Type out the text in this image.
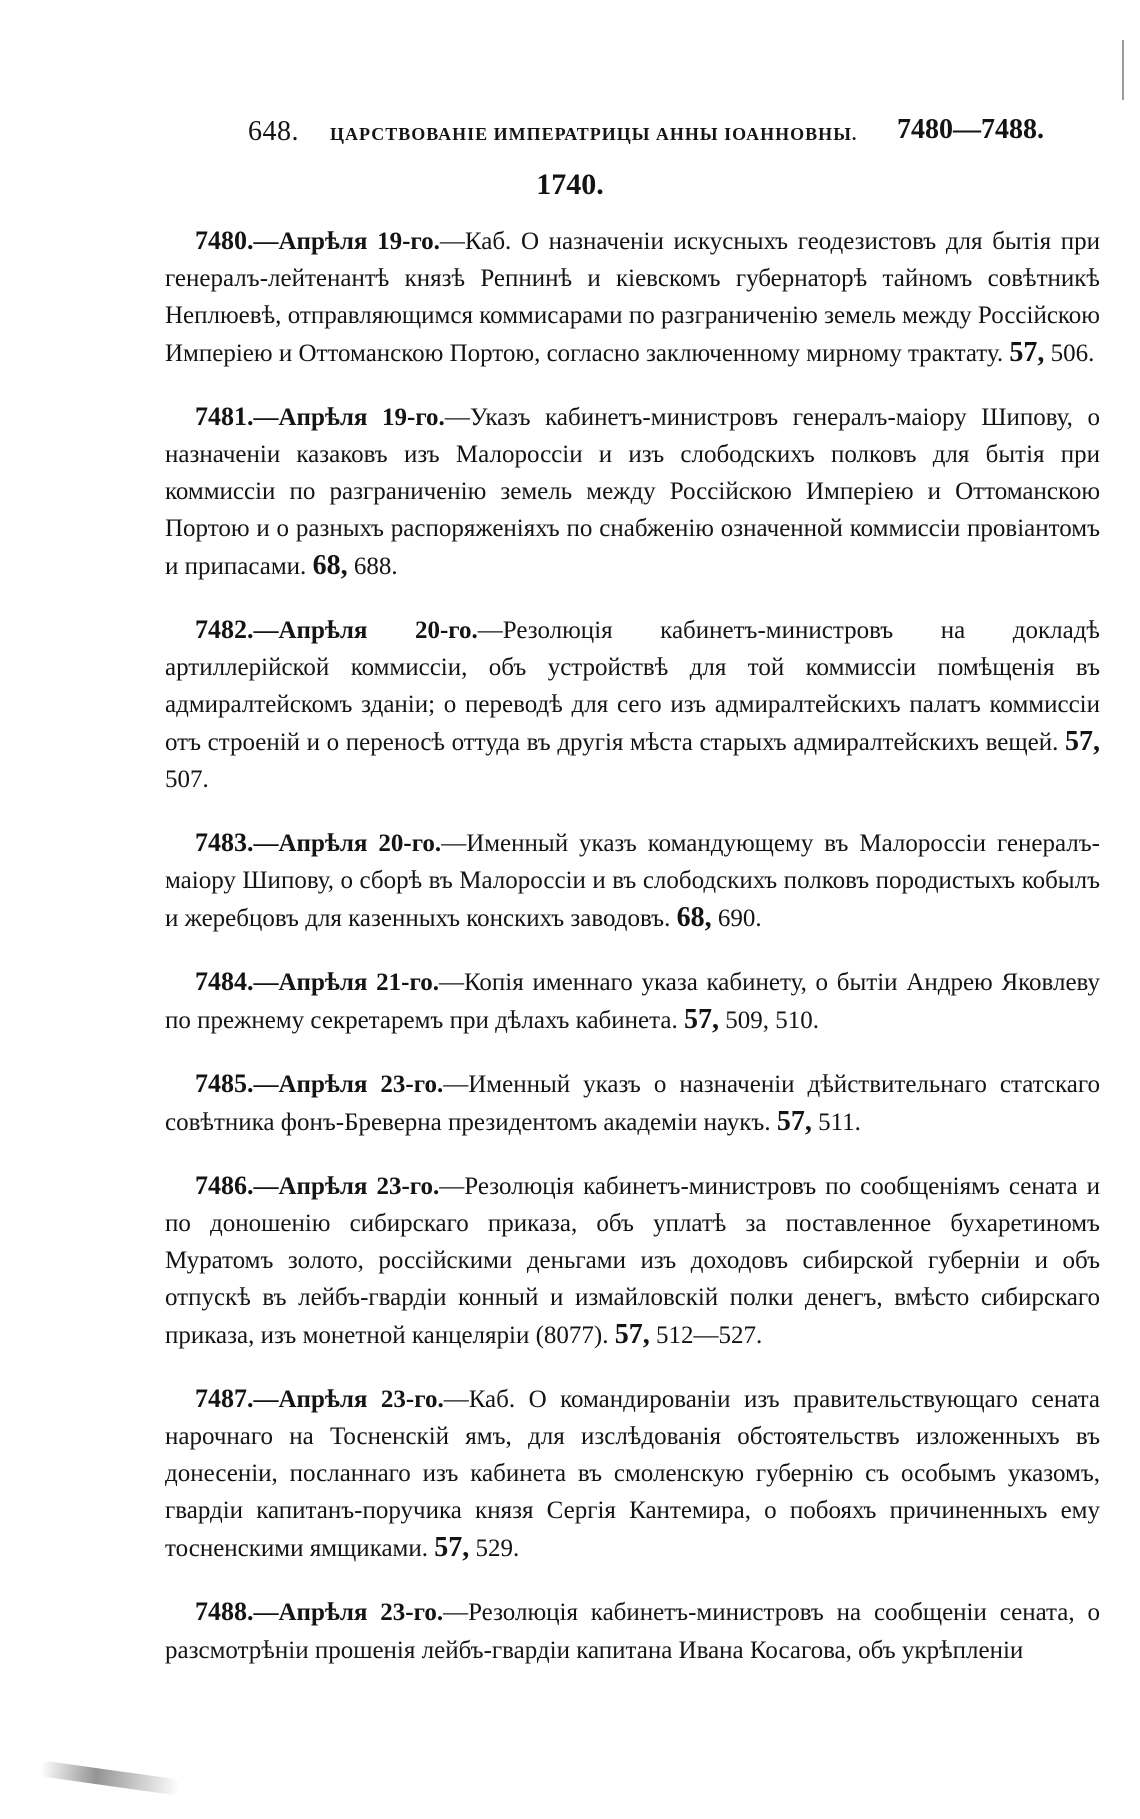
648. ЦАРСТВОВАНІЕ ИМПЕРАТРИЦЫ АННЫ ІОАННОВНЫ. 7480—7488.
1740.

7480.—Апрѣля 19-го.—Каб. О назначеніи искусныхъ геодезистовъ для бытія при генералъ-лейтенантѣ князѣ Репнинѣ и кіевскомъ губернаторѣ тайномъ совѣтникѣ Неплюевѣ, отправляющимся коммисарами по разграниченію земель между Россійскою Имперіею и Оттоманскою Портою, согласно заключенному мирному трактату. 57, 506.

7481.—Апрѣля 19-го.—Указъ кабинетъ-министровъ генералъ-маіору Шипову, о назначеніи казаковъ изъ Малороссіи и изъ слободскихъ полковъ для бытія при коммиссіи по разграниченію земель между Россійскою Имперіею и Оттоманскою Портою и о разныхъ распоряженіяхъ по снабженію означенной коммиссіи провіантомъ и припасами. 68, 688.

7482.—Апрѣля 20-го.—Резолюція кабинетъ-министровъ на докладѣ артиллерійской коммиссіи, объ устройствѣ для той коммиссіи помѣщенія въ адмиралтейскомъ зданіи; о переводѣ для сего изъ адмиралтейскихъ палатъ коммиссіи отъ строеній и о переносѣ оттуда въ другія мѣста старыхъ адмиралтейскихъ вещей. 57, 507.

7483.—Апрѣля 20-го.—Именный указъ командующему въ Малороссіи генералъ-маіору Шипову, о сборѣ въ Малороссіи и въ слободскихъ полковъ породистыхъ кобылъ и жеребцовъ для казенныхъ конскихъ заводовъ. 68, 690.

7484.—Апрѣля 21-го.—Копія именнаго указа кабинету, о бытіи Андрею Яковлеву по прежнему секретаремъ при дѣлахъ кабинета. 57, 509, 510.

7485.—Апрѣля 23-го.—Именный указъ о назначеніи дѣйствительнаго статскаго совѣтника фонъ-Бреверна президентомъ академіи наукъ. 57, 511.

7486.—Апрѣля 23-го.—Резолюція кабинетъ-министровъ по сообщеніямъ сената и по доношенію сибирскаго приказа, объ уплатѣ за поставленное бухаретиномъ Муратомъ золото, россійскими деньгами изъ доходовъ сибирской губерніи и объ отпускѣ въ лейбъ-гвардіи конный и измайловскій полки денегъ, вмѣсто сибирскаго приказа, изъ монетной канцеляріи (8077). 57, 512—527.

7487.—Апрѣля 23-го.—Каб. О командированіи изъ правительствующаго сената нарочнаго на Тосненскій ямъ, для изслѣдованія обстоятельствъ изложенныхъ въ донесеніи, посланнаго изъ кабинета въ смоленскую губернію съ особымъ указомъ, гвардіи капитанъ-поручика князя Сергія Кантемира, о побояхъ причиненныхъ ему тосненскими ямщиками. 57, 529.

7488.—Апрѣля 23-го.—Резолюція кабинетъ-министровъ на сообщеніи сената, о разсмотрѣніи прошенія лейбъ-гвардіи капитана Ивана Косагова, объ укрѣпленіи
